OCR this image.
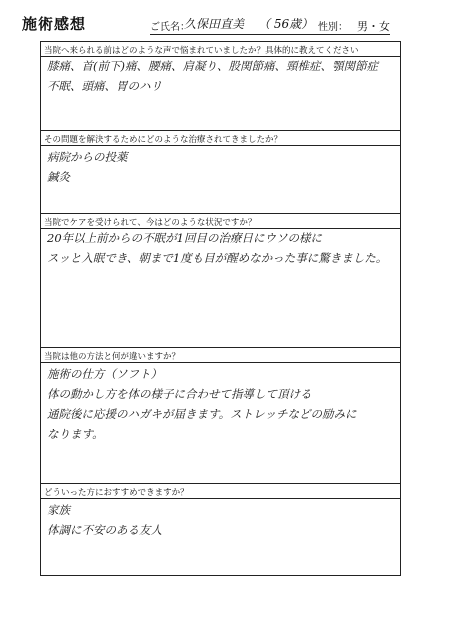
施術感想	ご氏名：
久保田直美 （ 56歳） 性別： 男・女
当院へ来られる前はどのような声で悩まれていましたか？具体的に教えてください
膝痛、首(前下)痛、腰痛、肩凝り、股関節痛、頸椎症、顎関節症
不眠、頭痛、胃のハリ
その問題を解決するためにどのような治療されてきましたか？
病院からの投薬
鍼灸
当院でケアを受けられて、今はどのような状況ですか？
20年以上前からの不眠が1回目の治療日にウソの様に
スッと入眠でき、朝まで1度も目が醒めなかった事に驚きました。
当院は他の方法と何が違いますか？
施術の仕方（ソフト）
体の動かし方を体の様子に合わせて指導して頂ける
通院後に応援のハガキが届きます。ストレッチなどの励みに
なります。
どういった方におすすめできますか？
家族
体調に不安のある友人
